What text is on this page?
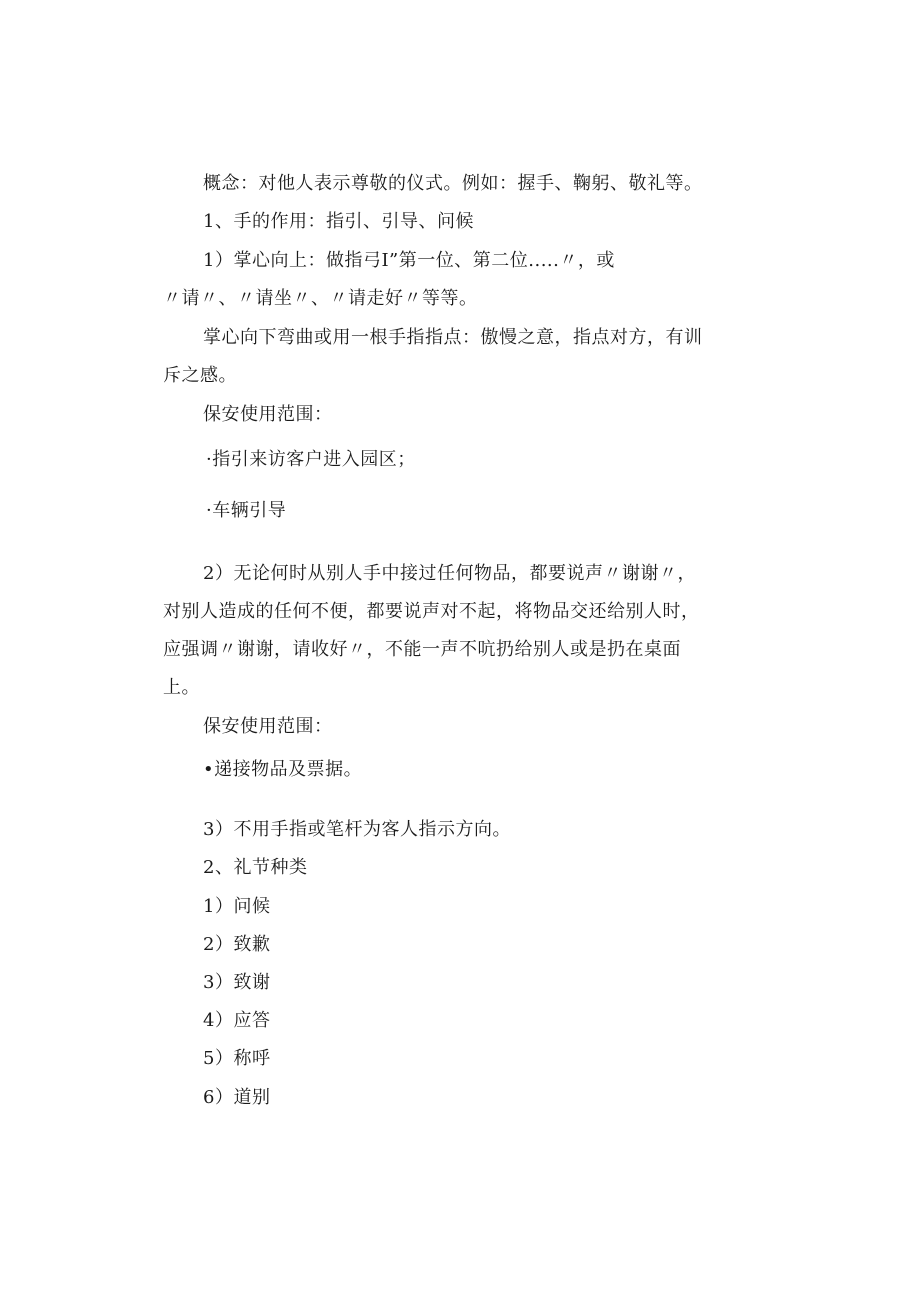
概念：对他人表示尊敬的仪式。例如：握手、鞠躬、敬礼等。
1、手的作用：指引、引导、问候
1）掌心向上：做指弓I”第一位、第二位.....〃，或
〃请〃、〃请坐〃、〃请走好〃等等。
掌心向下弯曲或用一根手指指点：傲慢之意，指点对方，有训
斥之感。
保安使用范围：
·指引来访客户进入园区；
·车辆引导
2）无论何时从别人手中接过任何物品，都要说声〃谢谢〃，
对别人造成的任何不便，都要说声对不起，将物品交还给别人时，
应强调〃谢谢，请收好〃，不能一声不吭扔给别人或是扔在桌面
上。
保安使用范围：
•递接物品及票据。
3）不用手指或笔杆为客人指示方向。
2、礼节种类
1）问候
2）致歉
3）致谢
4）应答
5）称呼
6）道别
